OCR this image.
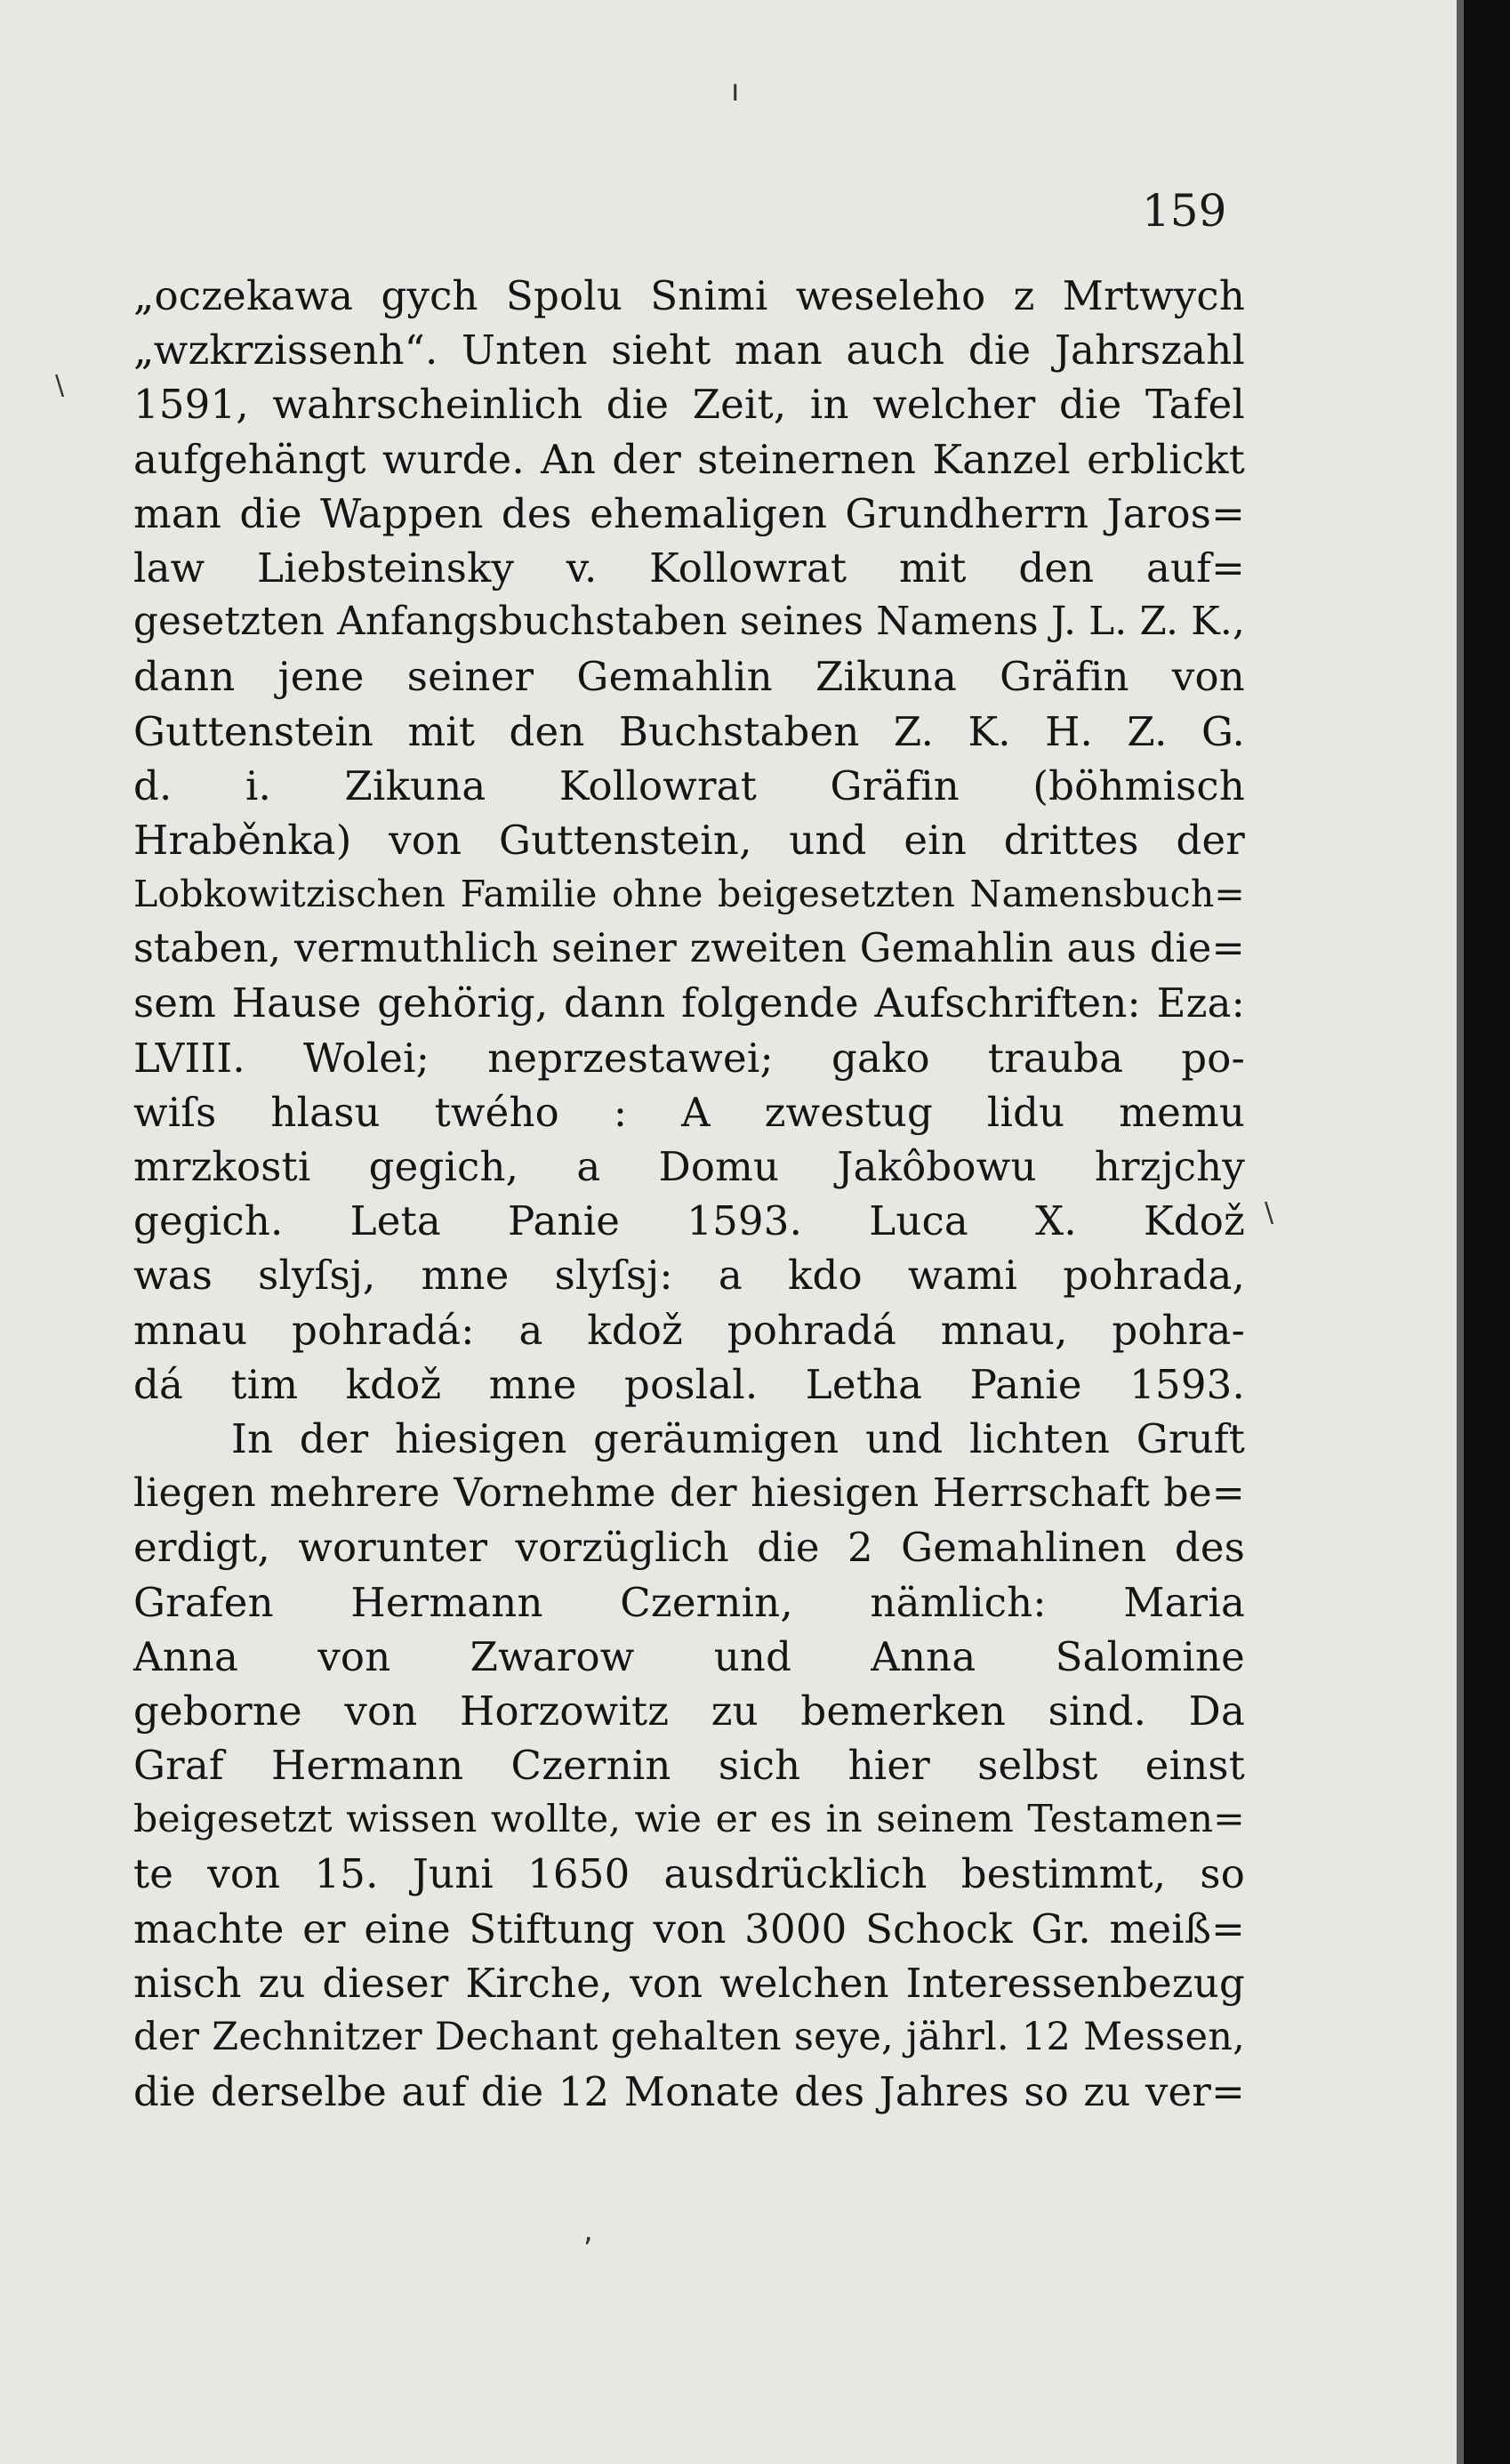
159
ı
\
\
,
„oczekawa gych Spolu Snimi weseleho z Mrtwych
„wzkrzissenh“. Unten sieht man auch die Jahrszahl
1591, wahrscheinlich die Zeit, in welcher die Tafel
aufgehängt wurde. An der steinernen Kanzel erblickt
man die Wappen des ehemaligen Grundherrn Jaros=
law Liebsteinsky v. Kollowrat mit den auf=
gesetzten Anfangsbuchstaben seines Namens J. L. Z. K.,
dann jene seiner Gemahlin Zikuna Gräfin von
Guttenstein mit den Buchstaben Z. K. H. Z. G.
d. i. Zikuna Kollowrat Gräfin (böhmisch
Hraběnka) von Guttenstein, und ein drittes der
Lobkowitzischen Familie ohne beigesetzten Namensbuch=
staben, vermuthlich seiner zweiten Gemahlin aus die=
sem Hause gehörig, dann folgende Aufschriften: Eza:
LVIII. Wolei; neprzestawei; gako trauba po-
wiſs hlasu twého : A zwestug lidu memu
mrzkosti gegich, a Domu Jakôbowu hrzjchy
gegich. Leta Panie 1593. Luca X. Kdož
was slyſsj, mne slyſsj: a kdo wami pohrada,
mnau pohradá: a kdož pohradá mnau, pohra-
dá tim kdož mne poslal. Letha Panie 1593.
In der hiesigen geräumigen und lichten Gruft
liegen mehrere Vornehme der hiesigen Herrschaft be=
erdigt, worunter vorzüglich die 2 Gemahlinen des
Grafen Hermann Czernin, nämlich: Maria
Anna von Zwarow und Anna Salomine
geborne von Horzowitz zu bemerken sind. Da
Graf Hermann Czernin sich hier selbst einst
beigesetzt wissen wollte, wie er es in seinem Testamen=
te von 15. Juni 1650 ausdrücklich bestimmt, so
machte er eine Stiftung von 3000 Schock Gr. meiß=
nisch zu dieser Kirche, von welchen Interessenbezug
der Zechnitzer Dechant gehalten seye, jährl. 12 Messen,
die derselbe auf die 12 Monate des Jahres so zu ver=
